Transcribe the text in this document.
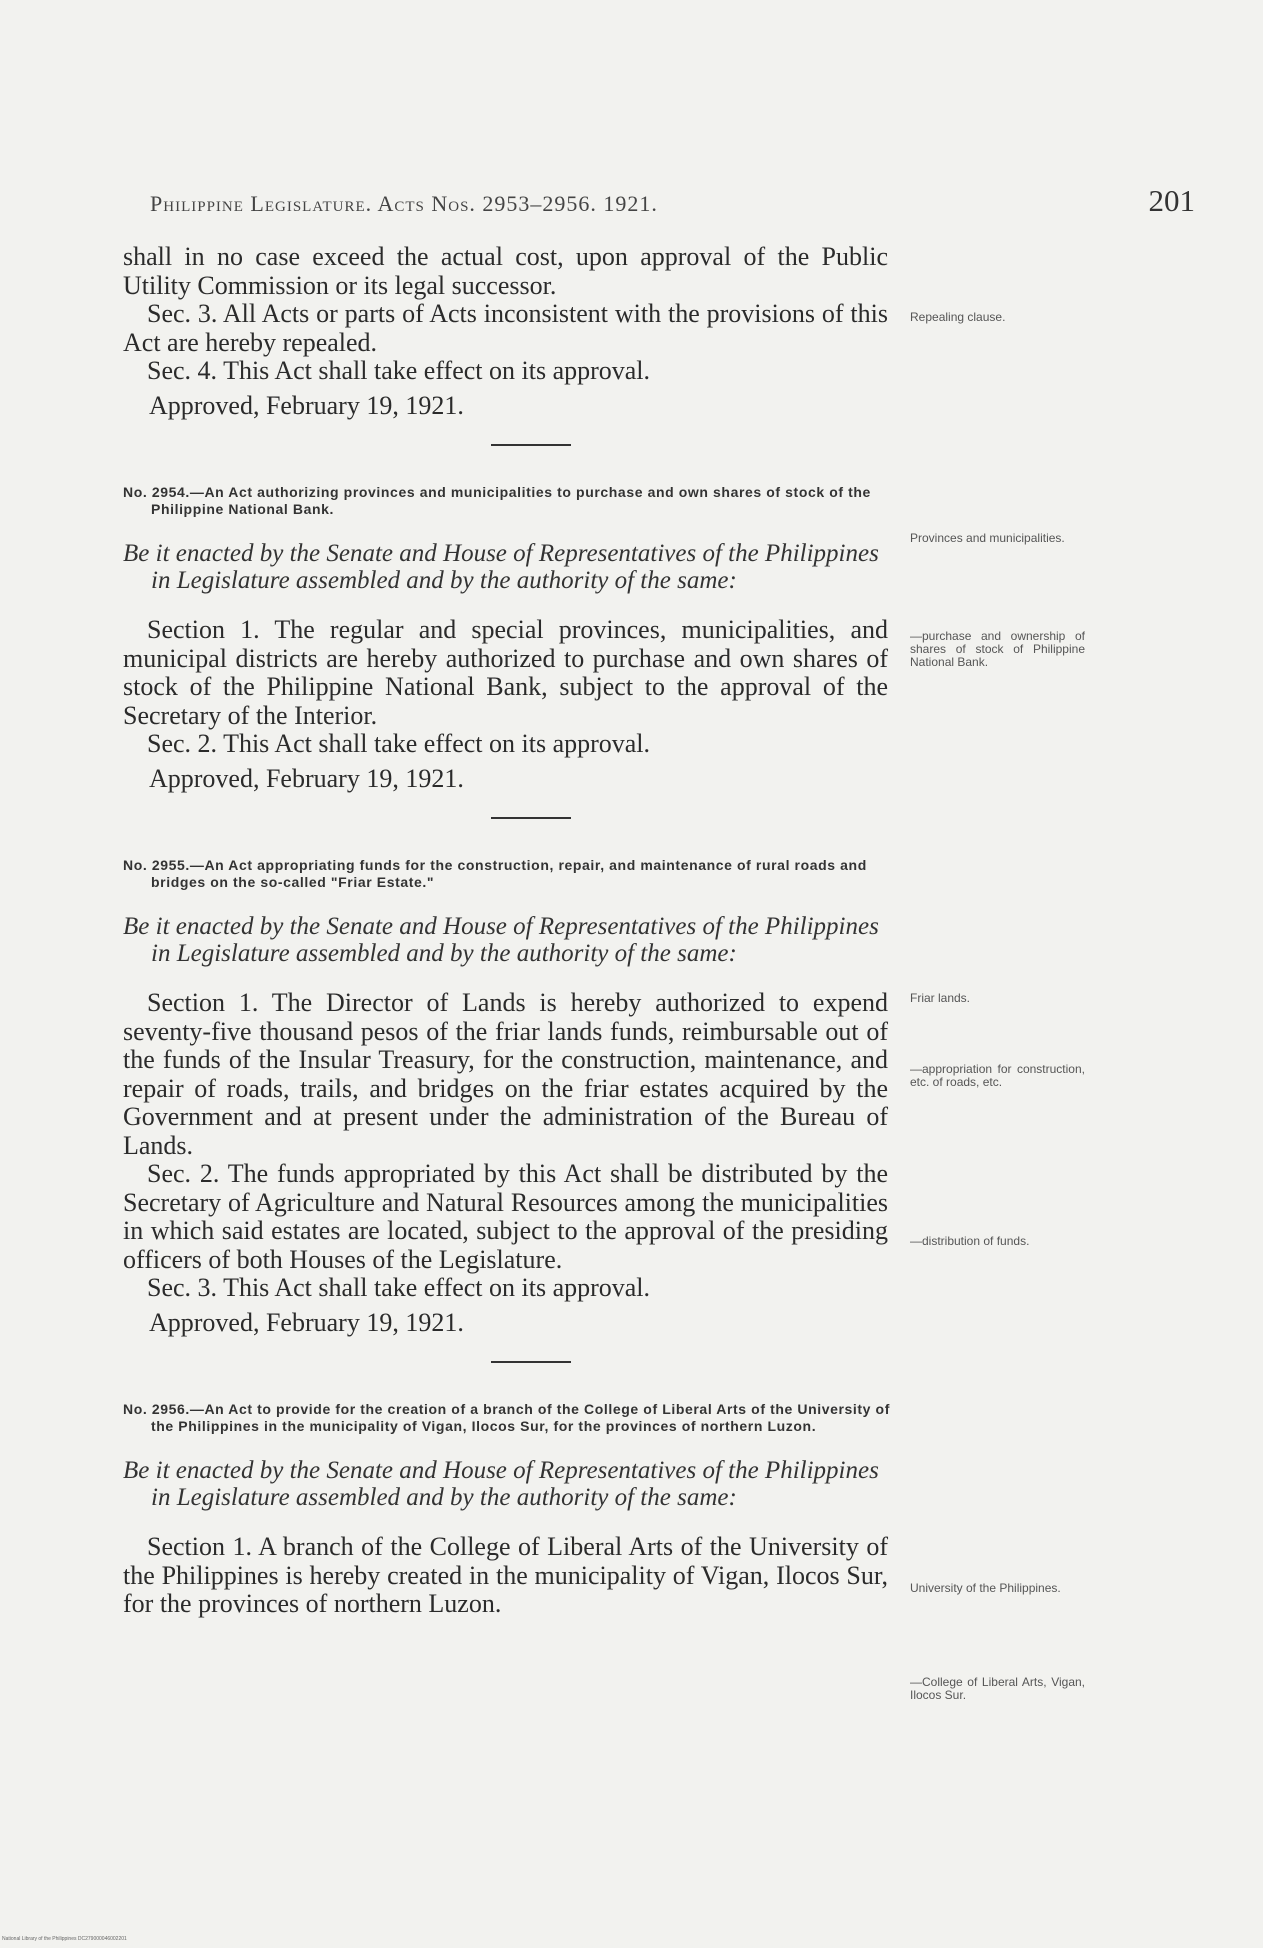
Philippine Legislature. Acts Nos. 2953–2956. 1921.	201

shall in no case exceed the actual cost, upon approval of the Public Utility Commission or its legal successor.

Sec. 3. All Acts or parts of Acts inconsistent with the provisions of this Act are hereby repealed.

Sec. 4. This Act shall take effect on its approval.

Approved, February 19, 1921.

No. 2954.—An Act authorizing provinces and municipalities to purchase and own shares of stock of the Philippine National Bank.

Be it enacted by the Senate and House of Representatives of the Philippines in Legislature assembled and by the authority of the same:

Section 1. The regular and special provinces, municipalities, and municipal districts are hereby authorized to purchase and own shares of stock of the Philippine National Bank, subject to the approval of the Secretary of the Interior.

Sec. 2. This Act shall take effect on its approval.

Approved, February 19, 1921.

No. 2955.—An Act appropriating funds for the construction, repair, and maintenance of rural roads and bridges on the so-called "Friar Estate."

Be it enacted by the Senate and House of Representatives of the Philippines in Legislature assembled and by the authority of the same:

Section 1. The Director of Lands is hereby authorized to expend seventy-five thousand pesos of the friar lands funds, reimbursable out of the funds of the Insular Treasury, for the construction, maintenance, and repair of roads, trails, and bridges on the friar estates acquired by the Government and at present under the administration of the Bureau of Lands.

Sec. 2. The funds appropriated by this Act shall be distributed by the Secretary of Agriculture and Natural Resources among the municipalities in which said estates are located, subject to the approval of the presiding officers of both Houses of the Legislature.

Sec. 3. This Act shall take effect on its approval.

Approved, February 19, 1921.

No. 2956.—An Act to provide for the creation of a branch of the College of Liberal Arts of the University of the Philippines in the municipality of Vigan, Ilocos Sur, for the provinces of northern Luzon.

Be it enacted by the Senate and House of Representatives of the Philippines in Legislature assembled and by the authority of the same:

Section 1. A branch of the College of Liberal Arts of the University of the Philippines is hereby created in the municipality of Vigan, Ilocos Sur, for the provinces of northern Luzon.

Repealing clause.
Provinces and municipalities.
—purchase and ownership of shares of stock of Philippine National Bank.
Friar lands.
—appropriation for construction, etc. of roads, etc.
—distribution of funds.
University of the Philippines.
—College of Liberal Arts, Vigan, Ilocos Sur.
National Library of the Philippines DC279000046002201
